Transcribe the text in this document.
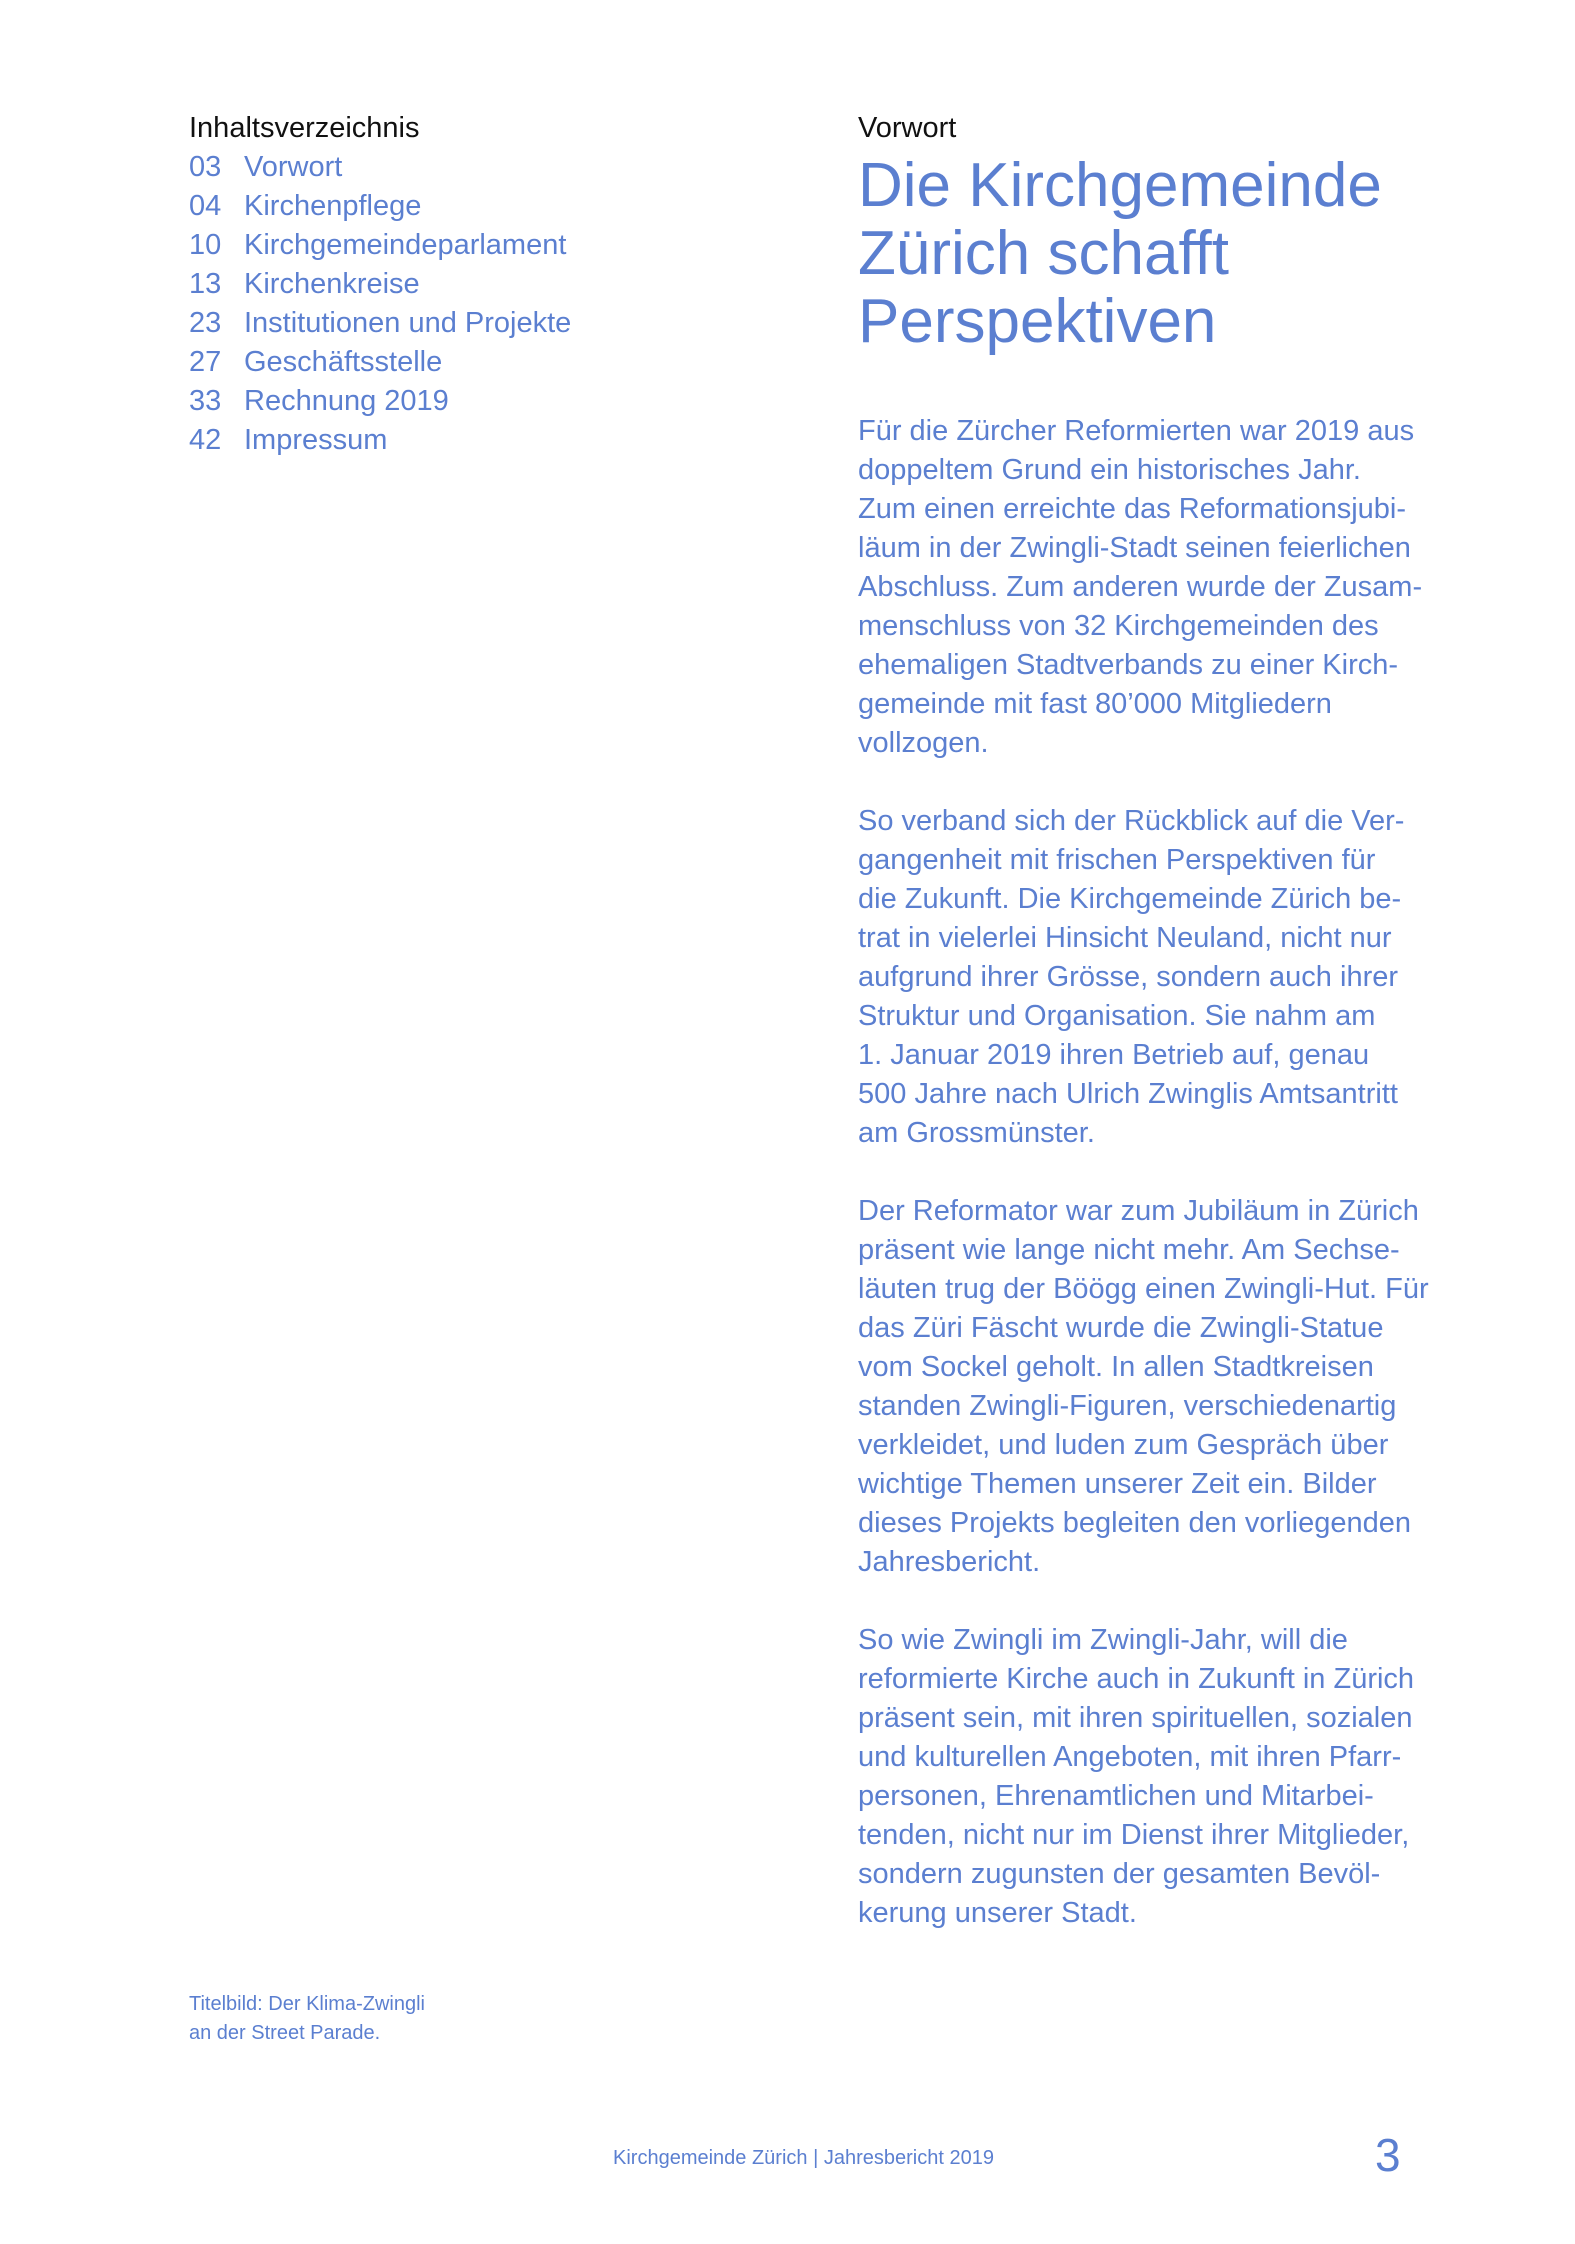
Inhaltsverzeichnis
03 Vorwort
04 Kirchenpflege
10 Kirchgemeindeparlament
13 Kirchenkreise
23 Institutionen und Projekte
27 Geschäftsstelle
33 Rechnung 2019
42 Impressum
Titelbild: Der Klima-Zwingli
an der Street Parade.
Vorwort
Die Kirchgemeinde
Zürich schafft
Perspektiven
Für die Zürcher Reformierten war 2019 aus
doppeltem Grund ein historisches Jahr.
Zum einen erreichte das Reformationsjubi-
läum in der Zwingli-Stadt seinen feierlichen
Abschluss. Zum anderen wurde der Zusam-
menschluss von 32 Kirchgemeinden des
ehemaligen Stadtverbands zu einer Kirch-
gemeinde mit fast 80’000 Mitgliedern
vollzogen.
So verband sich der Rückblick auf die Ver-
gangenheit mit frischen Perspektiven für
die Zukunft. Die Kirchgemeinde Zürich be-
trat in vielerlei Hinsicht Neuland, nicht nur
aufgrund ihrer Grösse, sondern auch ihrer
Struktur und Organisation. Sie nahm am
1. Januar 2019 ihren Betrieb auf, genau
500 Jahre nach Ulrich Zwinglis Amtsantritt
am Grossmünster.
Der Reformator war zum Jubiläum in Zürich
präsent wie lange nicht mehr. Am Sechse-
läuten trug der Böögg einen Zwingli-Hut. Für
das Züri Fäscht wurde die Zwingli-Statue
vom Sockel geholt. In allen Stadtkreisen
standen Zwingli-Figuren, verschiedenartig
verkleidet, und luden zum Gespräch über
wichtige Themen unserer Zeit ein. Bilder
dieses Projekts begleiten den vorliegenden
Jahresbericht.
So wie Zwingli im Zwingli-Jahr, will die
reformierte Kirche auch in Zukunft in Zürich
präsent sein, mit ihren spirituellen, sozialen
und kulturellen Angeboten, mit ihren Pfarr-
personen, Ehrenamtlichen und Mitarbei-
tenden, nicht nur im Dienst ihrer Mitglieder,
sondern zugunsten der gesamten Bevöl-
kerung unserer Stadt.
Kirchgemeinde Zürich | Jahresbericht 2019	3
